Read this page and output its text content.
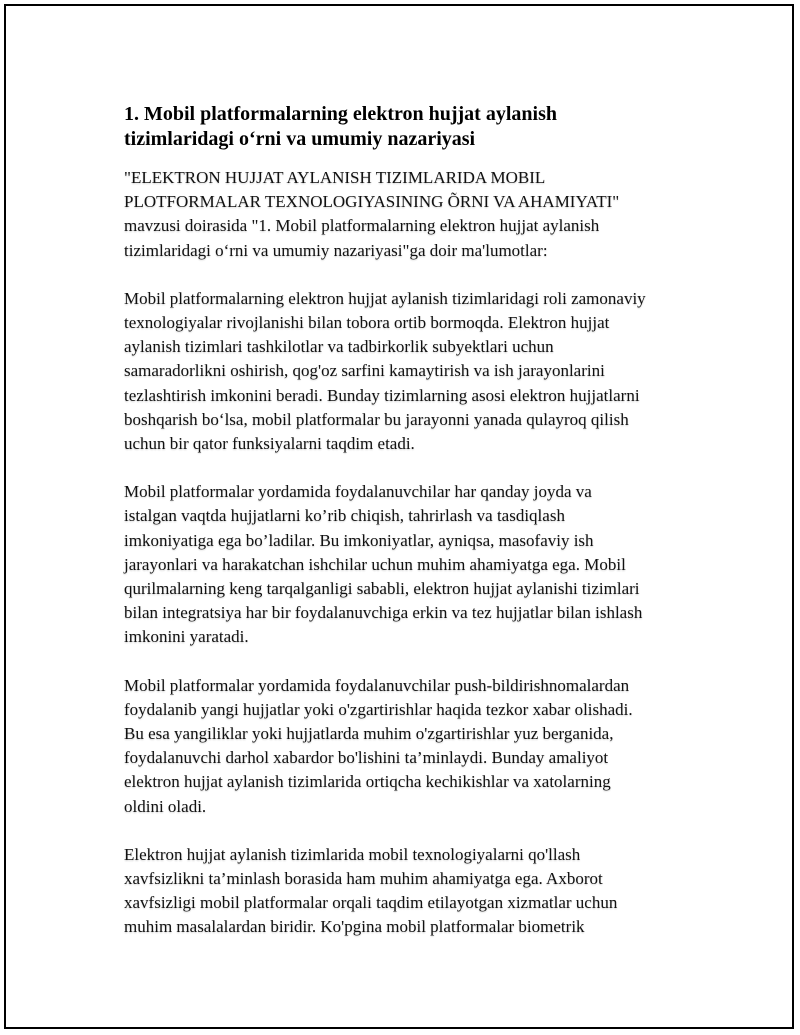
1. Mobil platformalarning elektron hujjat aylanish
tizimlaridagi o‘rni va umumiy nazariyasi
"ELEKTRON HUJJAT AYLANISH TIZIMLARIDA MOBIL
PLOTFORMALAR TEXNOLOGIYASINING ÕRNI VA AHAMIYATI"
mavzusi doirasida "1. Mobil platformalarning elektron hujjat aylanish
tizimlaridagi o‘rni va umumiy nazariyasi"ga doir ma'lumotlar:
Mobil platformalarning elektron hujjat aylanish tizimlaridagi roli zamonaviy
texnologiyalar rivojlanishi bilan tobora ortib bormoqda. Elektron hujjat
aylanish tizimlari tashkilotlar va tadbirkorlik subyektlari uchun
samaradorlikni oshirish, qog'oz sarfini kamaytirish va ish jarayonlarini
tezlashtirish imkonini beradi. Bunday tizimlarning asosi elektron hujjatlarni
boshqarish bo‘lsa, mobil platformalar bu jarayonni yanada qulayroq qilish
uchun bir qator funksiyalarni taqdim etadi.
Mobil platformalar yordamida foydalanuvchilar har qanday joyda va
istalgan vaqtda hujjatlarni ko’rib chiqish, tahrirlash va tasdiqlash
imkoniyatiga ega bo’ladilar. Bu imkoniyatlar, ayniqsa, masofaviy ish
jarayonlari va harakatchan ishchilar uchun muhim ahamiyatga ega. Mobil
qurilmalarning keng tarqalganligi sababli, elektron hujjat aylanishi tizimlari
bilan integratsiya har bir foydalanuvchiga erkin va tez hujjatlar bilan ishlash
imkonini yaratadi.
Mobil platformalar yordamida foydalanuvchilar push-bildirishnomalardan
foydalanib yangi hujjatlar yoki o'zgartirishlar haqida tezkor xabar olishadi.
Bu esa yangiliklar yoki hujjatlarda muhim o'zgartirishlar yuz berganida,
foydalanuvchi darhol xabardor bo'lishini ta’minlaydi. Bunday amaliyot
elektron hujjat aylanish tizimlarida ortiqcha kechikishlar va xatolarning
oldini oladi.
Elektron hujjat aylanish tizimlarida mobil texnologiyalarni qo'llash
xavfsizlikni ta’minlash borasida ham muhim ahamiyatga ega. Axborot
xavfsizligi mobil platformalar orqali taqdim etilayotgan xizmatlar uchun
muhim masalalardan biridir. Ko'pgina mobil platformalar biometrik
